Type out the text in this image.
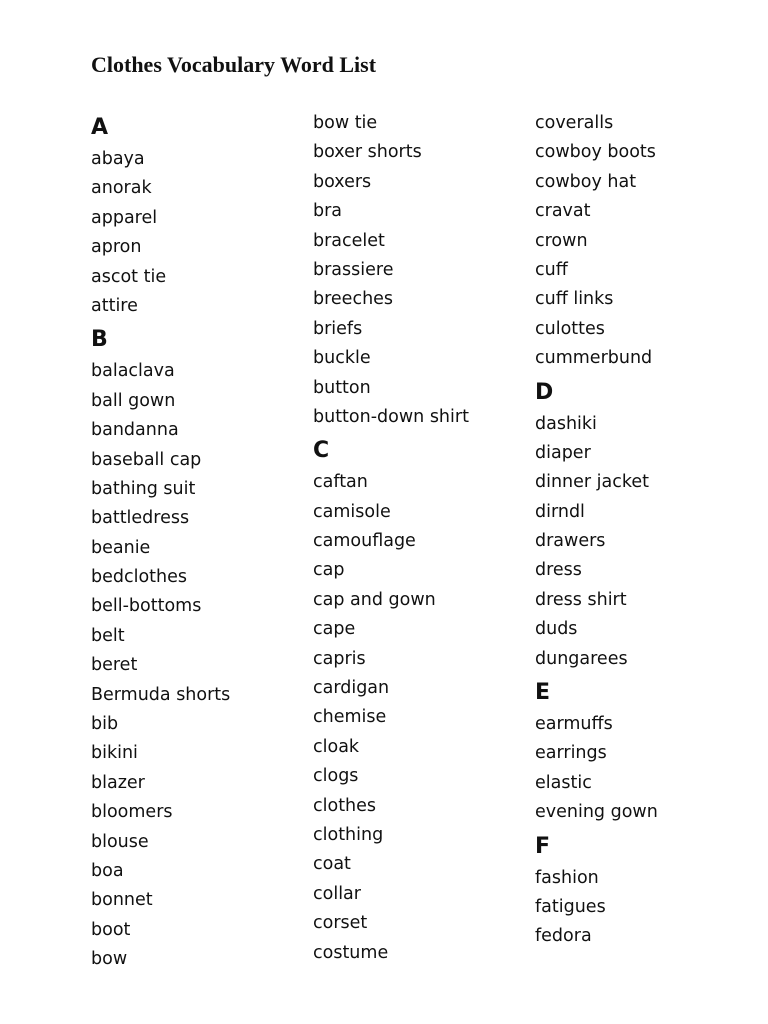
Clothes Vocabulary Word List
A
abaya
anorak
apparel
apron
ascot tie
attire
B
balaclava
ball gown
bandanna
baseball cap
bathing suit
battledress
beanie
bedclothes
bell-bottoms
belt
beret
Bermuda shorts
bib
bikini
blazer
bloomers
blouse
boa
bonnet
boot
bow
bow tie
boxer shorts
boxers
bra
bracelet
brassiere
breeches
briefs
buckle
button
button-down shirt
C
caftan
camisole
camouflage
cap
cap and gown
cape
capris
cardigan
chemise
cloak
clogs
clothes
clothing
coat
collar
corset
costume
coveralls
cowboy boots
cowboy hat
cravat
crown
cuff
cuff links
culottes
cummerbund
D
dashiki
diaper
dinner jacket
dirndl
drawers
dress
dress shirt
duds
dungarees
E
earmuffs
earrings
elastic
evening gown
F
fashion
fatigues
fedora
